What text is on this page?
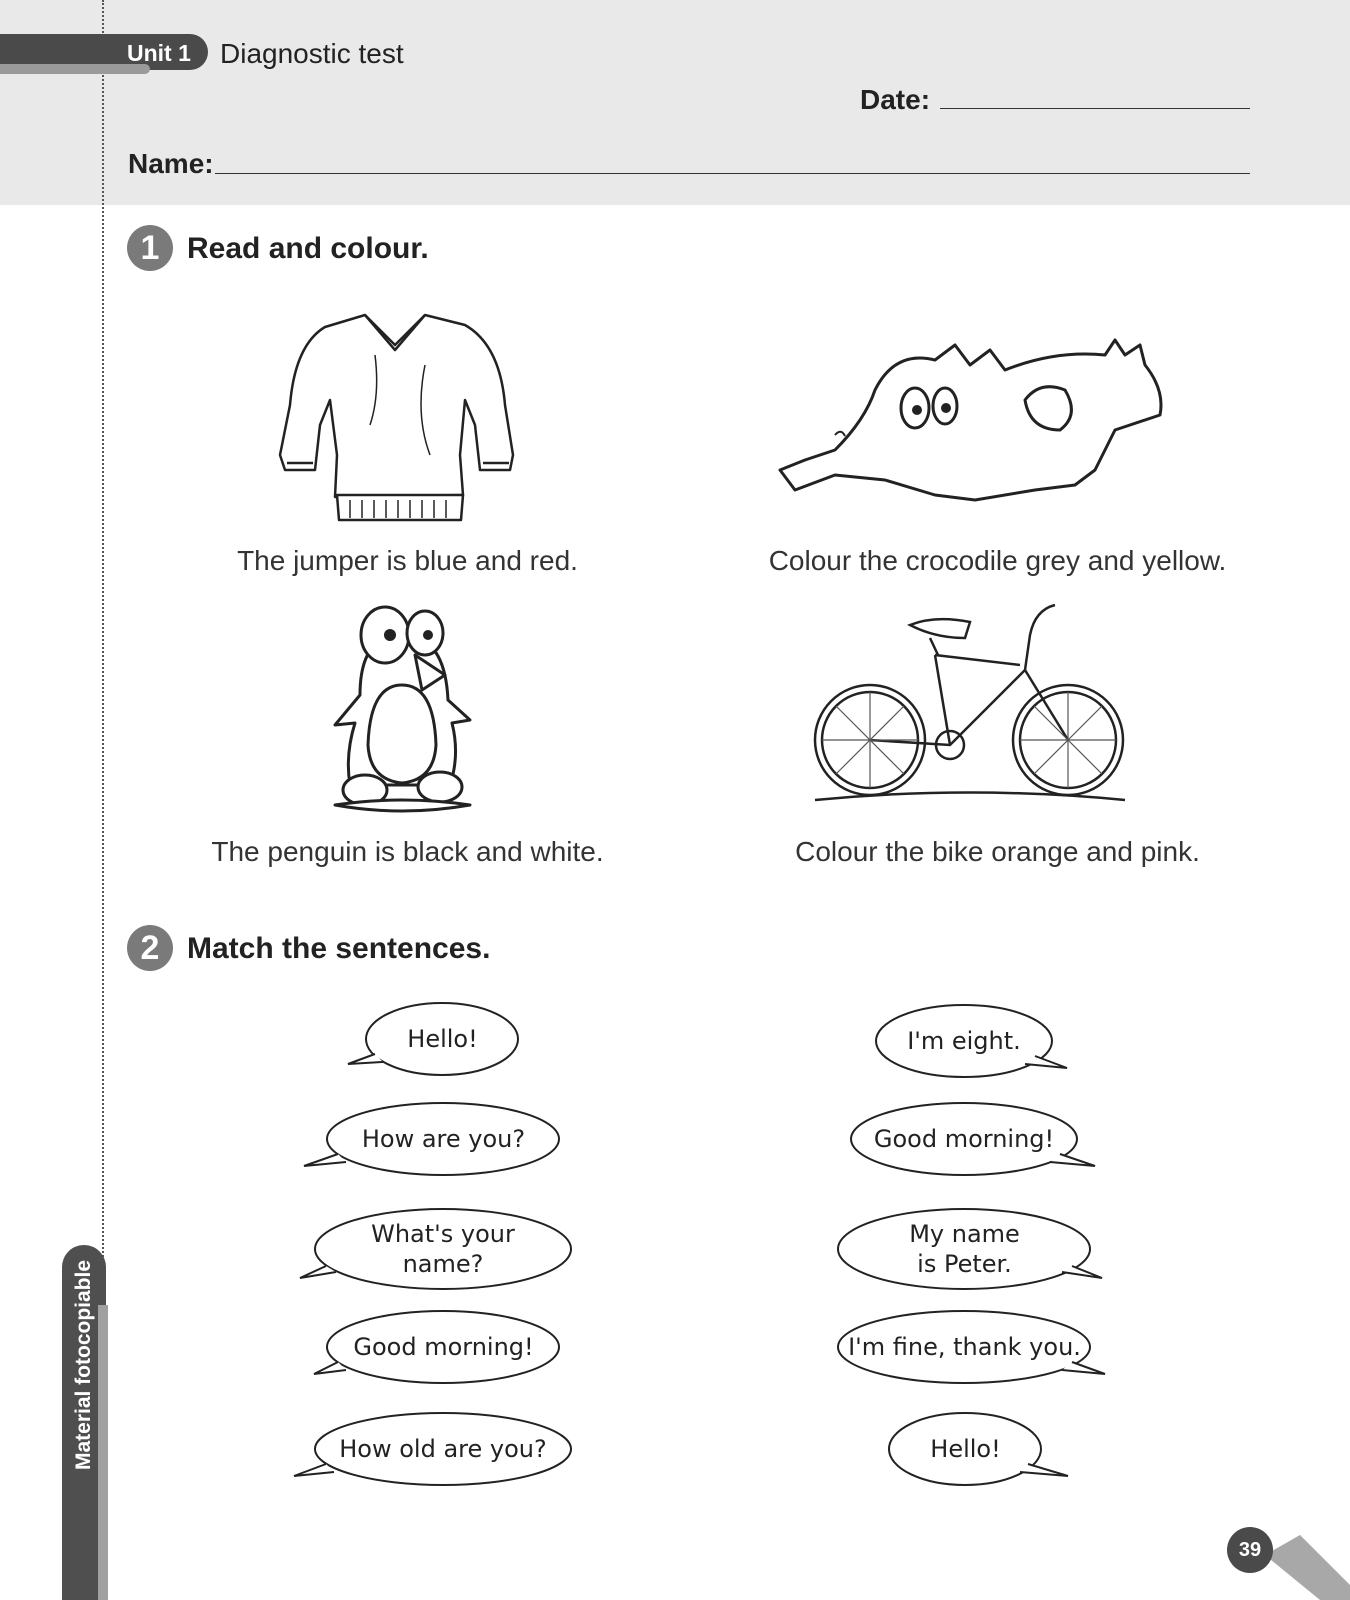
Unit 1 Diagnostic test
Date:
Name:
1 Read and colour.
The jumper is blue and red.	Colour the crocodile grey and yellow.
The penguin is black and white.	Colour the bike orange and pink.
2 Match the sentences.
Hello!
How are you?
What's your
name?
Good morning!
How old are you?
I'm eight.
Good morning!
My name
is Peter.
I'm fine, thank you.
Hello!
Material fotocopiable
39
